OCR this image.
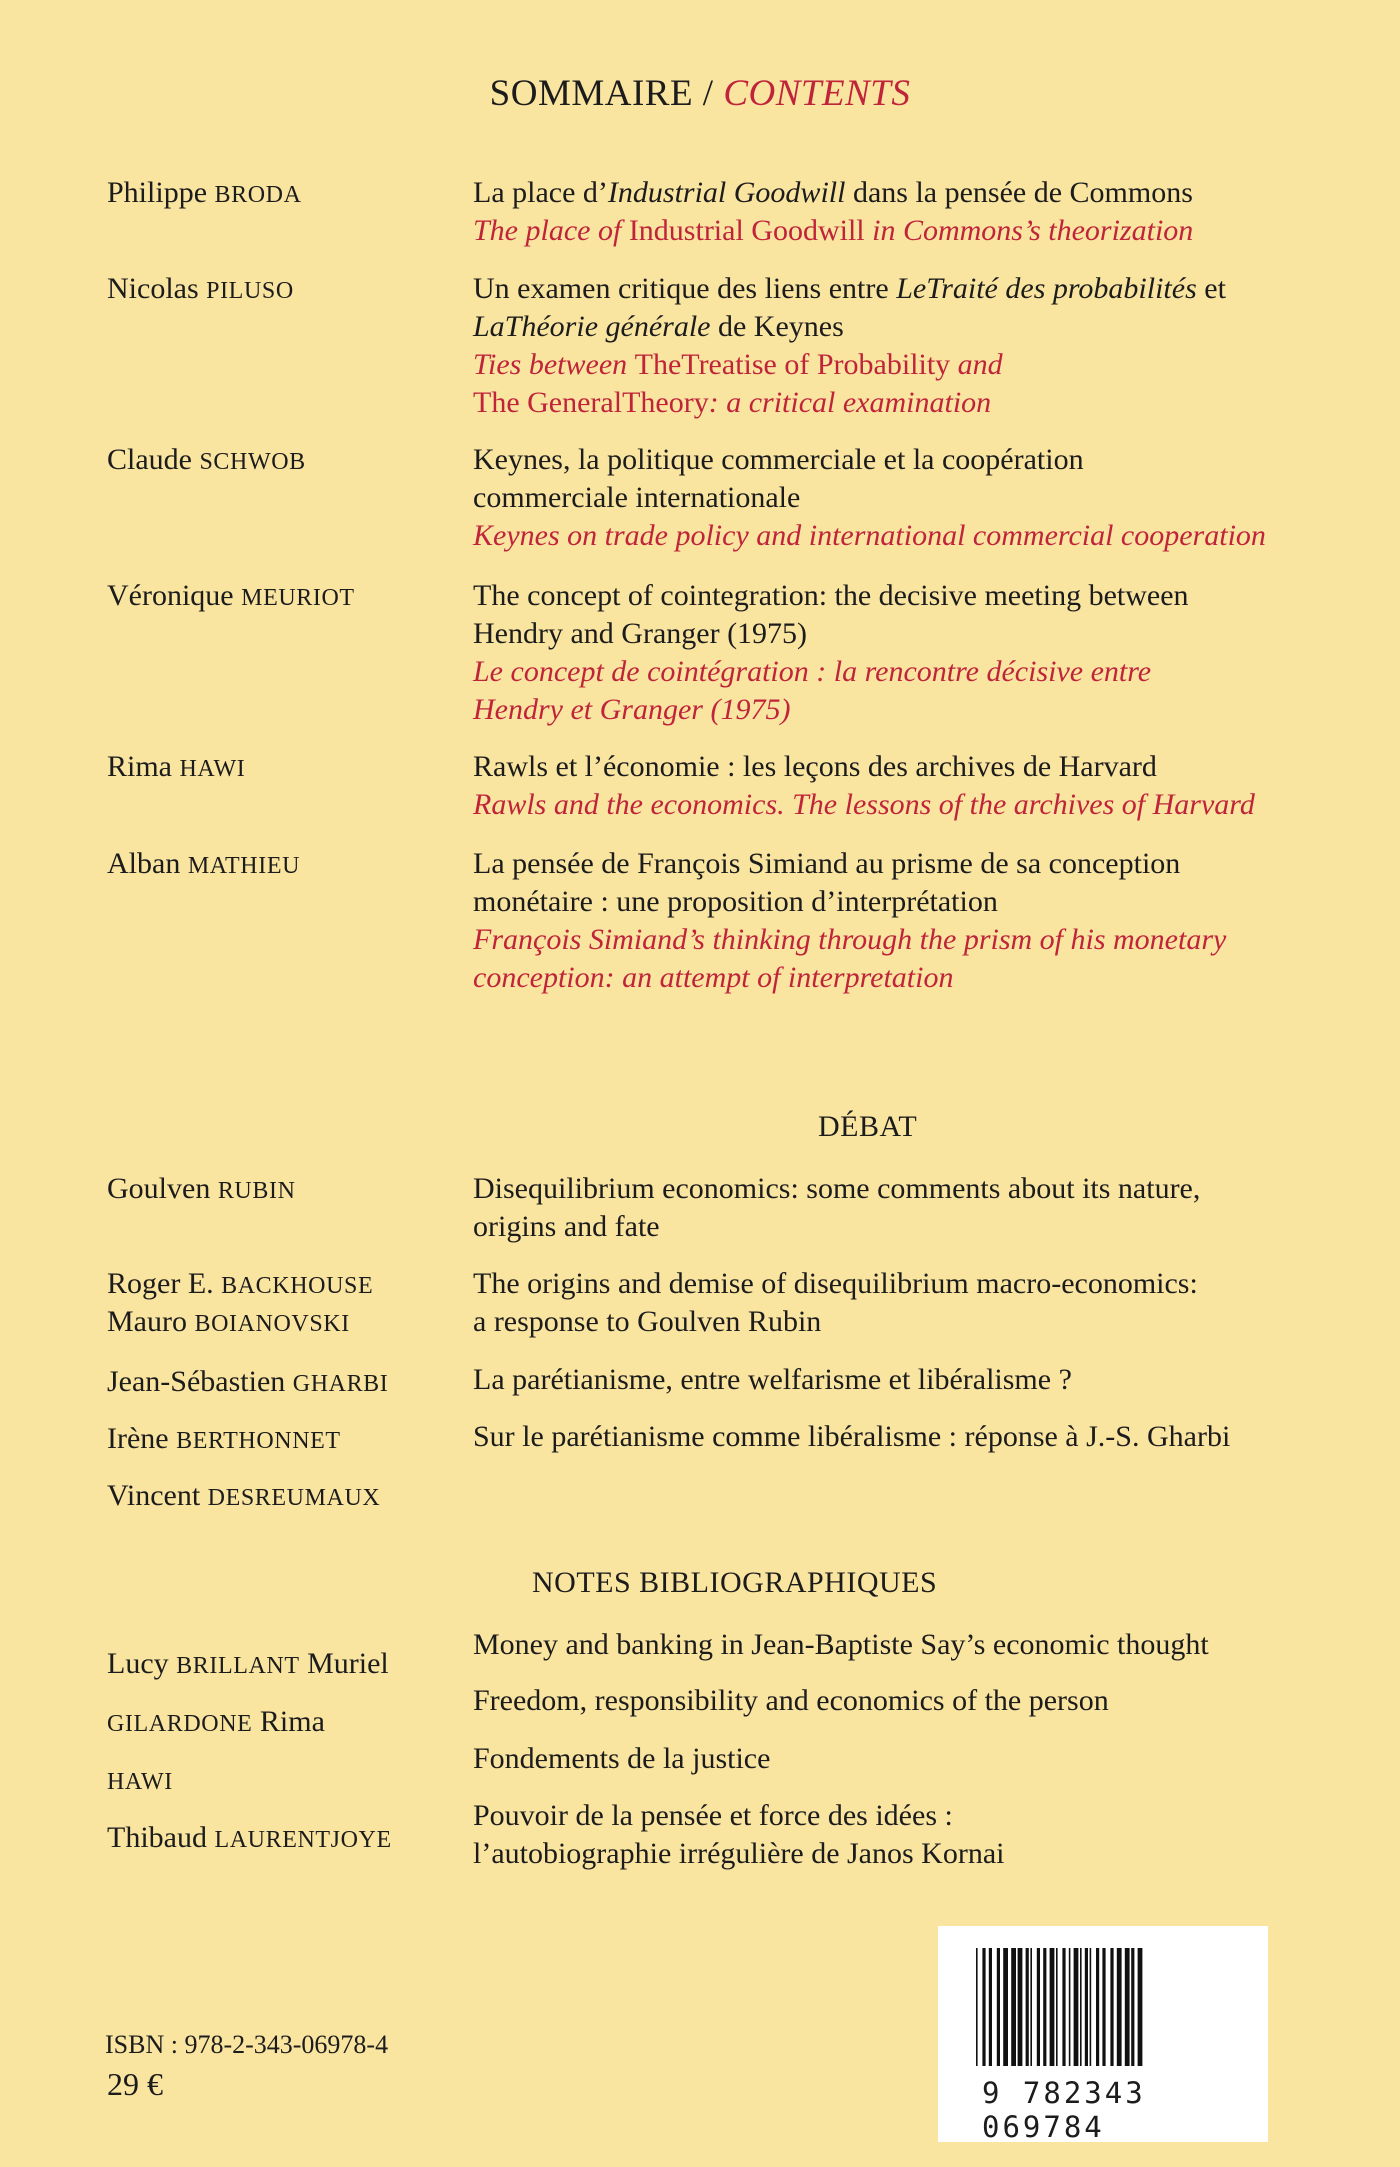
SOMMAIRE / CONTENTS
Philippe BRODA
Nicolas PILUSO
Claude SCHWOB
Véronique MEURIOT
Rima HAWI
Alban MATHIEU
La place d’Industrial Goodwill dans la pensée de Commons
The place of Industrial Goodwill in Commons’s theorization
Un examen critique des liens entre LeTraité des probabilités et
LaThéorie générale de Keynes
Ties between TheTreatise of Probability and
The GeneralTheory: a critical examination
Keynes, la politique commerciale et la coopération
commerciale internationale
Keynes on trade policy and international commercial cooperation
The concept of cointegration: the decisive meeting between
Hendry and Granger (1975)
Le concept de cointégration : la rencontre décisive entre
Hendry et Granger (1975)
Rawls et l’économie : les leçons des archives de Harvard
Rawls and the economics. The lessons of the archives of Harvard
La pensée de François Simiand au prisme de sa conception
monétaire : une proposition d’interprétation
François Simiand’s thinking through the prism of his monetary
conception: an attempt of interpretation
DÉBAT
Goulven RUBIN
Roger E. BACKHOUSE
Mauro BOIANOVSKI
Jean-Sébastien GHARBI
Irène BERTHONNET
Vincent DESREUMAUX
Disequilibrium economics: some comments about its nature,
origins and fate
The origins and demise of disequilibrium macro-economics:
a response to Goulven Rubin
La parétianisme, entre welfarisme et libéralisme ?
Sur le parétianisme comme libéralisme : réponse à J.-S. Gharbi
NOTES BIBLIOGRAPHIQUES
Lucy BRILLANT Muriel
GILARDONE Rima
HAWI
Thibaud LAURENTJOYE
Money and banking in Jean-Baptiste Say’s economic thought
Freedom, responsibility and economics of the person
Fondements de la justice
Pouvoir de la pensée et force des idées :
l’autobiographie irrégulière de Janos Kornai
ISBN : 978-2-343-06978-4
29 €	9 782343 069784
